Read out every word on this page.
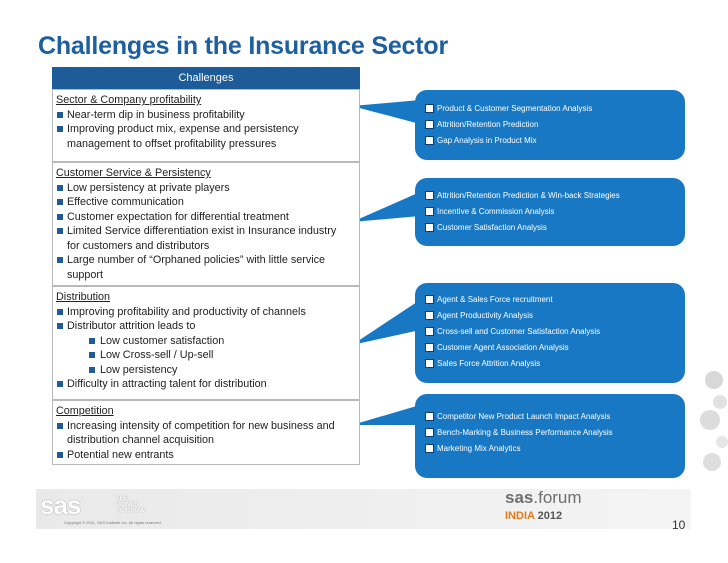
Challenges in the Insurance Sector
Challenges
Sector & Company profitability
Near-term dip in business profitability
Improving product mix, expense and persistency
management to offset profitability pressures
Customer Service & Persistency
Low persistency at private players
Effective communication
Customer expectation for differential treatment
Limited Service differentiation exist in Insurance industry
for customers and distributors
Large number of “Orphaned policies” with little service
support
Distribution
Improving profitability and productivity of channels
Distributor attrition leads to
Low customer satisfaction
Low Cross-sell / Up-sell
Low persistency
Difficulty in attracting talent for distribution
Competition
Increasing intensity of competition for new business and
distribution channel acquisition
Potential new entrants
Product & Customer Segmentation Analysis
Attrition/Retention Prediction
Gap Analysis in Product Mix
Attrition/Retention Prediction & Win-back Strategies
Incentive & Commission Analysis
Customer Satisfaction Analysis
Agent & Sales Force recruitment
Agent Productivity Analysis
Cross-sell and Customer Satisfaction Analysis
Customer Agent Association Analysis
Sales Force Attrition Analysis
Competitor New Product Launch Impact Analysis
Bench-Marking & Business Performance Analysis
Marketing Mix Analytics
sas	THE
POWER
TO KNOW.
sas.forum
INDIA 2012
Copyright © 2011, SAS Institute Inc. All rights reserved.	10
